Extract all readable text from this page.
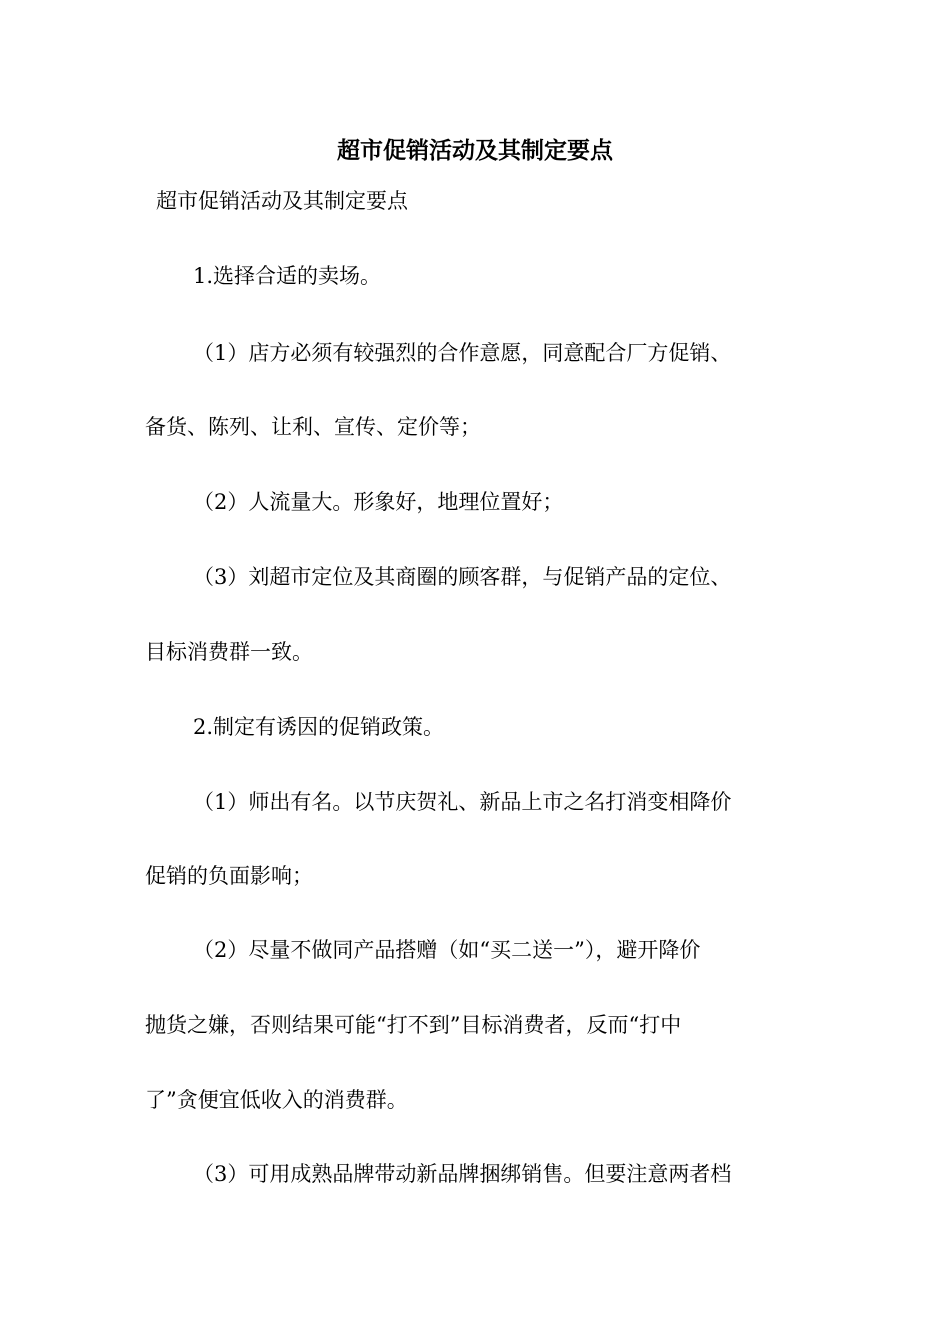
超市促销活动及其制定要点

超市促销活动及其制定要点

1.选择合适的卖场。

（1）店方必须有较强烈的合作意愿，同意配合厂方促销、

备货、陈列、让利、宣传、定价等；

（2）人流量大。形象好，地理位置好；

（3）刘超市定位及其商圈的顾客群，与促销产品的定位、

目标消费群一致。

2.制定有诱因的促销政策。

（1）师出有名。以节庆贺礼、新品上市之名打消变相降价

促销的负面影响；

（2）尽量不做同产品搭赠（如“买二送一”），避开降价

抛货之嫌，否则结果可能“打不到”目标消费者，反而“打中

了”贪便宜低收入的消费群。

（3）可用成熟品牌带动新品牌捆绑销售。但要注意两者档
